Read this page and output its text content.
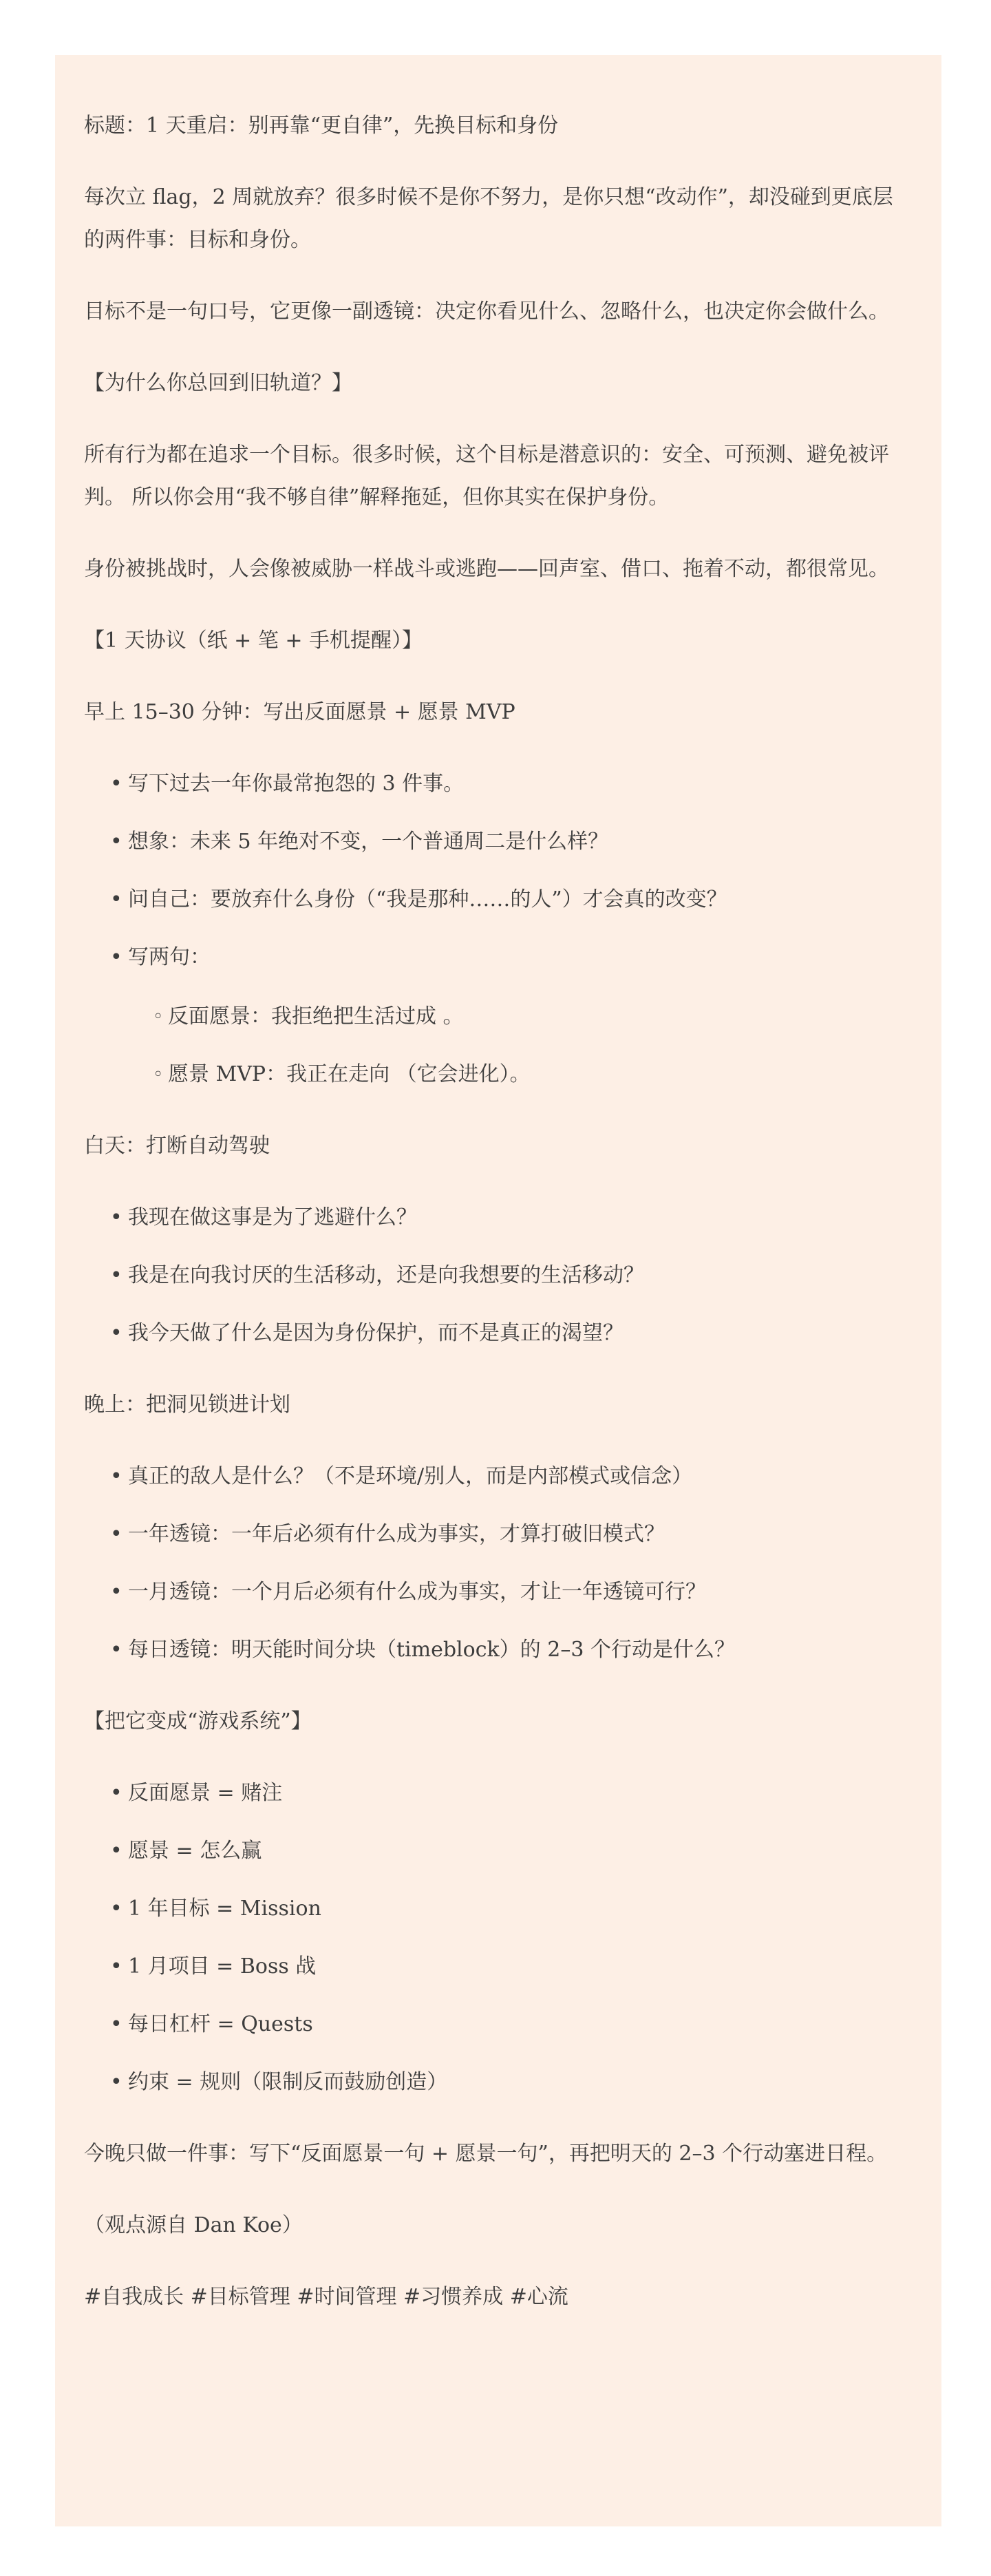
标题：1 天重启：别再靠“更自律”，先换目标和身份

每次立 flag，2 周就放弃？很多时候不是你不努力，是你只想“改动作”，却没碰到更底层的两件事：目标和身份。

目标不是一句口号，它更像一副透镜：决定你看见什么、忽略什么，也决定你会做什么。

【为什么你总回到旧轨道？】

所有行为都在追求一个目标。很多时候，这个目标是潜意识的：安全、可预测、避免被评判。 所以你会用“我不够自律”解释拖延，但你其实在保护身份。

身份被挑战时，人会像被威胁一样战斗或逃跑——回声室、借口、拖着不动，都很常见。

【1 天协议（纸 + 笔 + 手机提醒）】

早上 15–30 分钟：写出反面愿景 + 愿景 MVP

• 写下过去一年你最常抱怨的 3 件事。
• 想象：未来 5 年绝对不变，一个普通周二是什么样？
• 问自己：要放弃什么身份（“我是那种……的人”）才会真的改变？
• 写两句：
◦ 反面愿景：我拒绝把生活过成 。
◦ 愿景 MVP：我正在走向 （它会进化）。

白天：打断自动驾驶

• 我现在做这事是为了逃避什么？
• 我是在向我讨厌的生活移动，还是向我想要的生活移动？
• 我今天做了什么是因为身份保护，而不是真正的渴望？

晚上：把洞见锁进计划

• 真正的敌人是什么？（不是环境/别人，而是内部模式或信念）
• 一年透镜：一年后必须有什么成为事实，才算打破旧模式？
• 一月透镜：一个月后必须有什么成为事实，才让一年透镜可行？
• 每日透镜：明天能时间分块（timeblock）的 2–3 个行动是什么？

【把它变成“游戏系统”】

• 反面愿景 = 赌注
• 愿景 = 怎么赢
• 1 年目标 = Mission
• 1 月项目 = Boss 战
• 每日杠杆 = Quests
• 约束 = 规则（限制反而鼓励创造）

今晚只做一件事：写下“反面愿景一句 + 愿景一句”，再把明天的 2–3 个行动塞进日程。

（观点源自 Dan Koe）

#自我成长 #目标管理 #时间管理 #习惯养成 #心流
